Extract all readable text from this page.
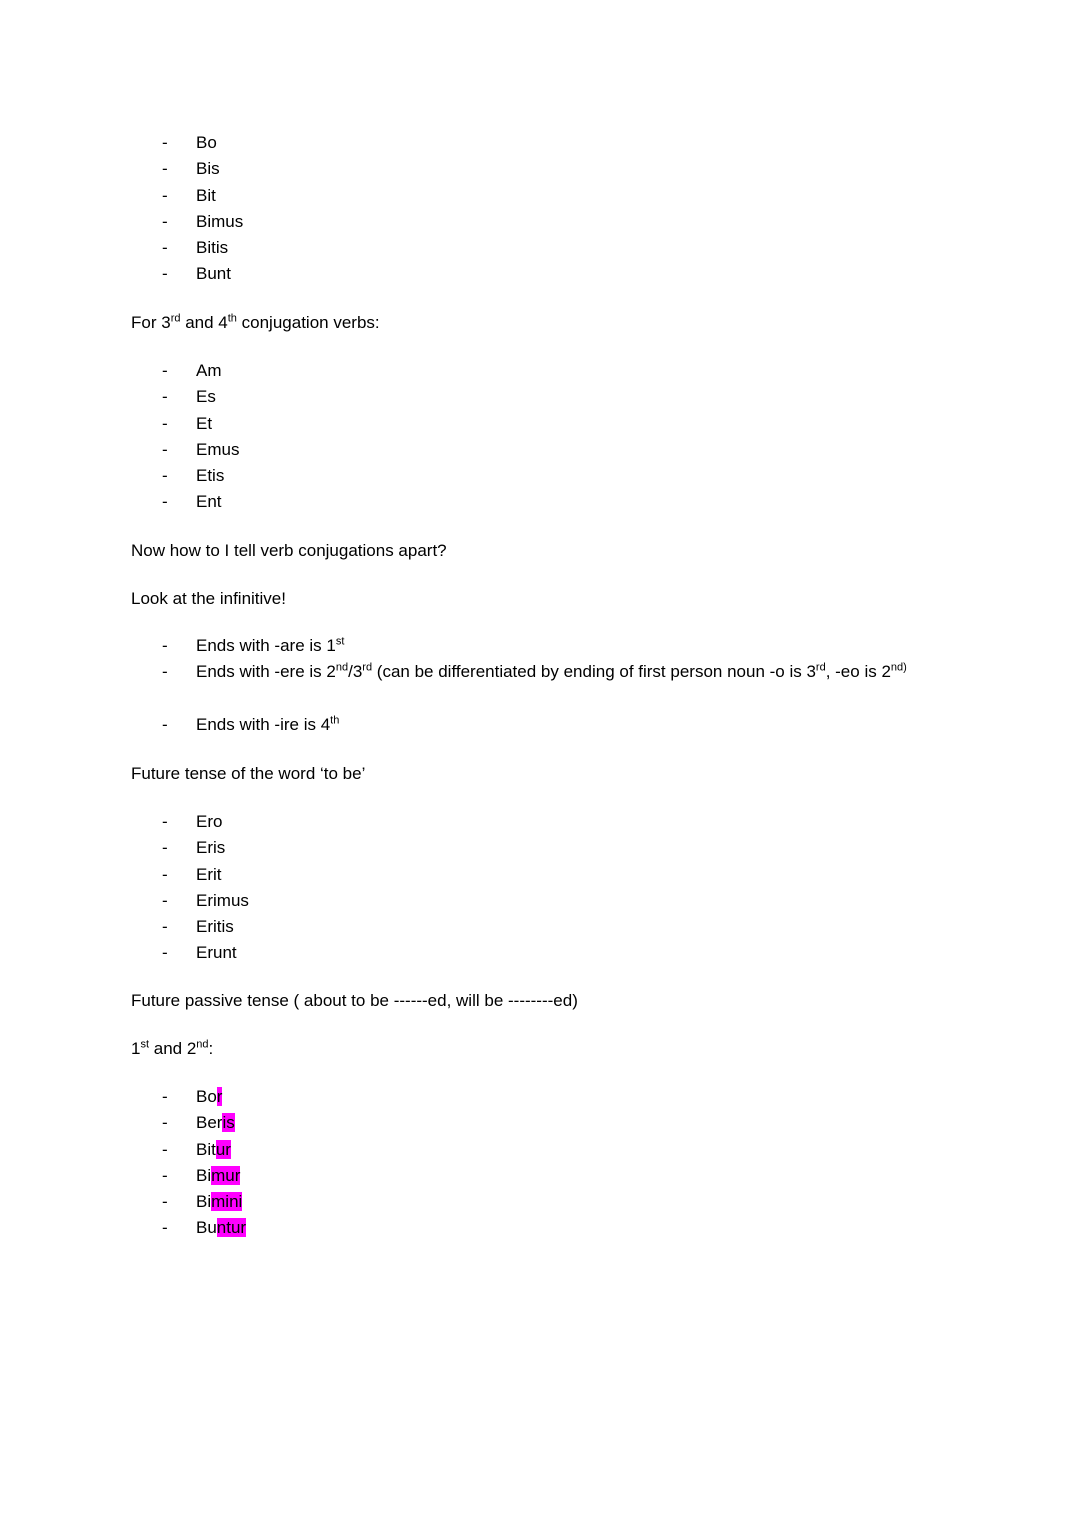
- Bo
- Bis
- Bit
- Bimus
- Bitis
- Bunt
For 3rd and 4th conjugation verbs:
- Am
- Es
- Et
- Emus
- Etis
- Ent
Now how to I tell verb conjugations apart?
Look at the infinitive!
- Ends with -are is 1st
- Ends with -ere is 2nd/3rd (can be differentiated by ending of first person noun -o is 3rd, -eo is $2^{nd)}$
- Ends with -ire is 4th
Future tense of the word ‘to be’
- Ero
- Eris
- Erit
- Erimus
- Eritis
- Erunt
Future passive tense ( about to be ------ed, will be --------ed)
1st and 2nd:
- Bor
- Beris
- Bitur
- Bimur
- Bimini
- Buntur
